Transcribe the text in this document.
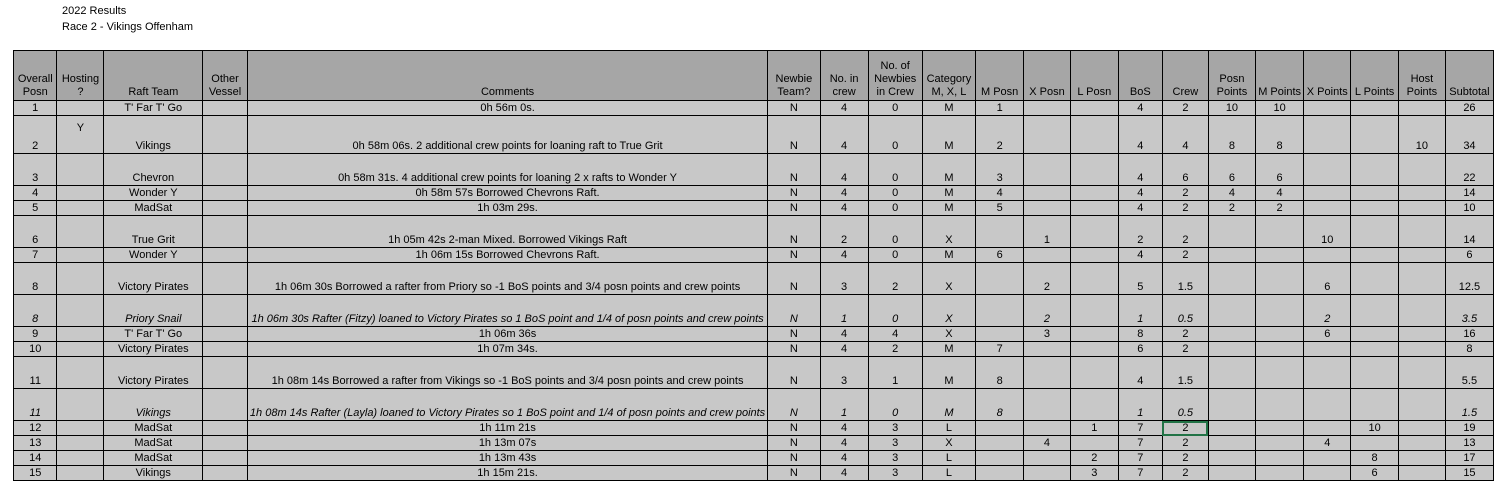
2022 Results
Race 2 - Vikings Offenham
Overall Posn	Hosting ?	Raft Team	Other Vessel	Comments	Newbie Team?	No. in crew	No. of Newbies in Crew	Category M, X, L	M Posn	X Posn	L Posn	BoS	Crew	Posn Points	M Points	X Points	L Points	Host Points	Subtotal
1		T' Far T' Go		0h 56m 0s.	N	4	0	M	1			4	2	10	10				26
2	Y	Vikings		0h 58m 06s. 2 additional crew points for loaning raft to True Grit	N	4	0	M	2			4	4	8	8			10	34
3		Chevron		0h 58m 31s. 4 additional crew points for loaning 2 x rafts to Wonder Y	N	4	0	M	3			4	6	6	6				22
4		Wonder Y		0h 58m 57s Borrowed Chevrons Raft.	N	4	0	M	4			4	2	4	4				14
5		MadSat		1h 03m 29s.	N	4	0	M	5			4	2	2	2				10
6		True Grit		1h 05m 42s 2-man Mixed. Borrowed Vikings Raft	N	2	0	X		1		2	2			10			14
7		Wonder Y		1h 06m 15s Borrowed Chevrons Raft.	N	4	0	M	6			4	2						6
8		Victory Pirates		1h 06m 30s Borrowed a rafter from Priory so -1 BoS points and 3/4 posn points and crew points	N	3	2	X		2		5	1.5			6			12.5
8		Priory Snail		1h 06m 30s Rafter (Fitzy) loaned to Victory Pirates so 1 BoS point and 1/4 of posn points and crew points	N	1	0	X		2		1	0.5			2			3.5
9		T' Far T' Go		1h 06m 36s	N	4	4	X		3		8	2			6			16
10		Victory Pirates		1h 07m 34s.	N	4	2	M	7			6	2						8
11		Victory Pirates		1h 08m 14s Borrowed a rafter from Vikings so -1 BoS points and 3/4 posn points and crew points	N	3	1	M	8			4	1.5						5.5
11		Vikings		1h 08m 14s Rafter (Layla) loaned to Victory Pirates so 1 BoS point and 1/4 of posn points and crew points	N	1	0	M	8			1	0.5						1.5
12		MadSat		1h 11m 21s	N	4	3	L			1	7	2				10		19
13		MadSat		1h 13m 07s	N	4	3	X		4		7	2			4			13
14		MadSat		1h 13m 43s	N	4	3	L			2	7	2				8		17
15		Vikings		1h 15m 21s.	N	4	3	L			3	7	2				6		15
